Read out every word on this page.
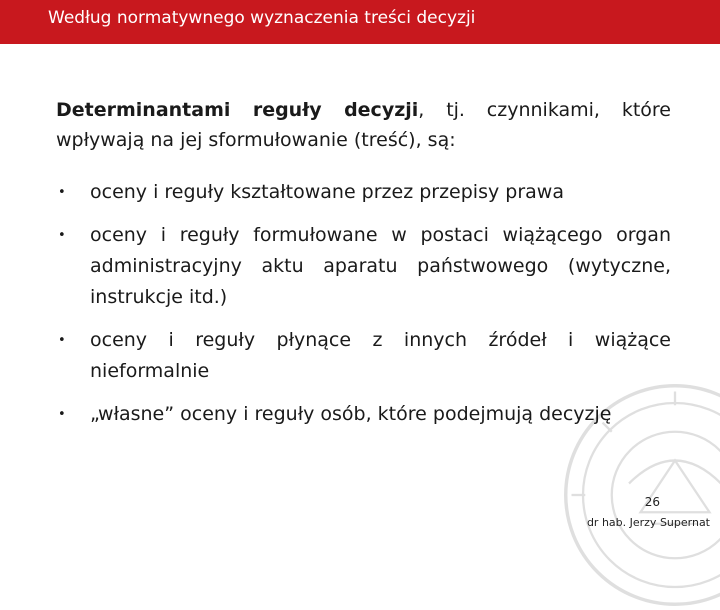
Według normatywnego wyznaczenia treści decyzji

Determinantami reguły decyzji, tj. czynnikami, które wpływają na jej sformułowanie (treść), są:

• oceny i reguły kształtowane przez przepisy prawa
• oceny i reguły formułowane w postaci wiążącego organ administracyjny aktu aparatu państwowego (wytyczne, instrukcje itd.)
• oceny i reguły płynące z innych źródeł i wiążące nieformalnie
• „własne” oceny i reguły osób, które podejmują decyzję
26
dr hab. Jerzy Supernat
